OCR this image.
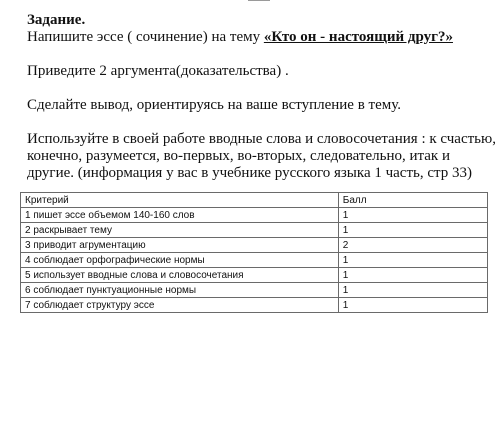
Задание.

Напишите эссе ( сочинение) на тему «Кто он - настоящий друг?»

Приведите 2 аргумента(доказательства) .

Сделайте вывод, ориентируясь на ваше вступление в тему.

Используйте в своей работе вводные слова и словосочетания : к счастью, конечно, разумеется, во-первых, во-вторых, следовательно, итак и другие. (информация у вас в учебнике русского языка 1 часть, стр 33)

Критерий	Балл
1 пишет эссе объемом 140-160 слов	1
2 раскрывает тему	1
3 приводит агрументацию	2
4 соблюдает орфографические нормы	1
5 использует вводные слова и словосочетания	1
6 соблюдает пунктуационные нормы	1
7 соблюдает структуру эссе	1
